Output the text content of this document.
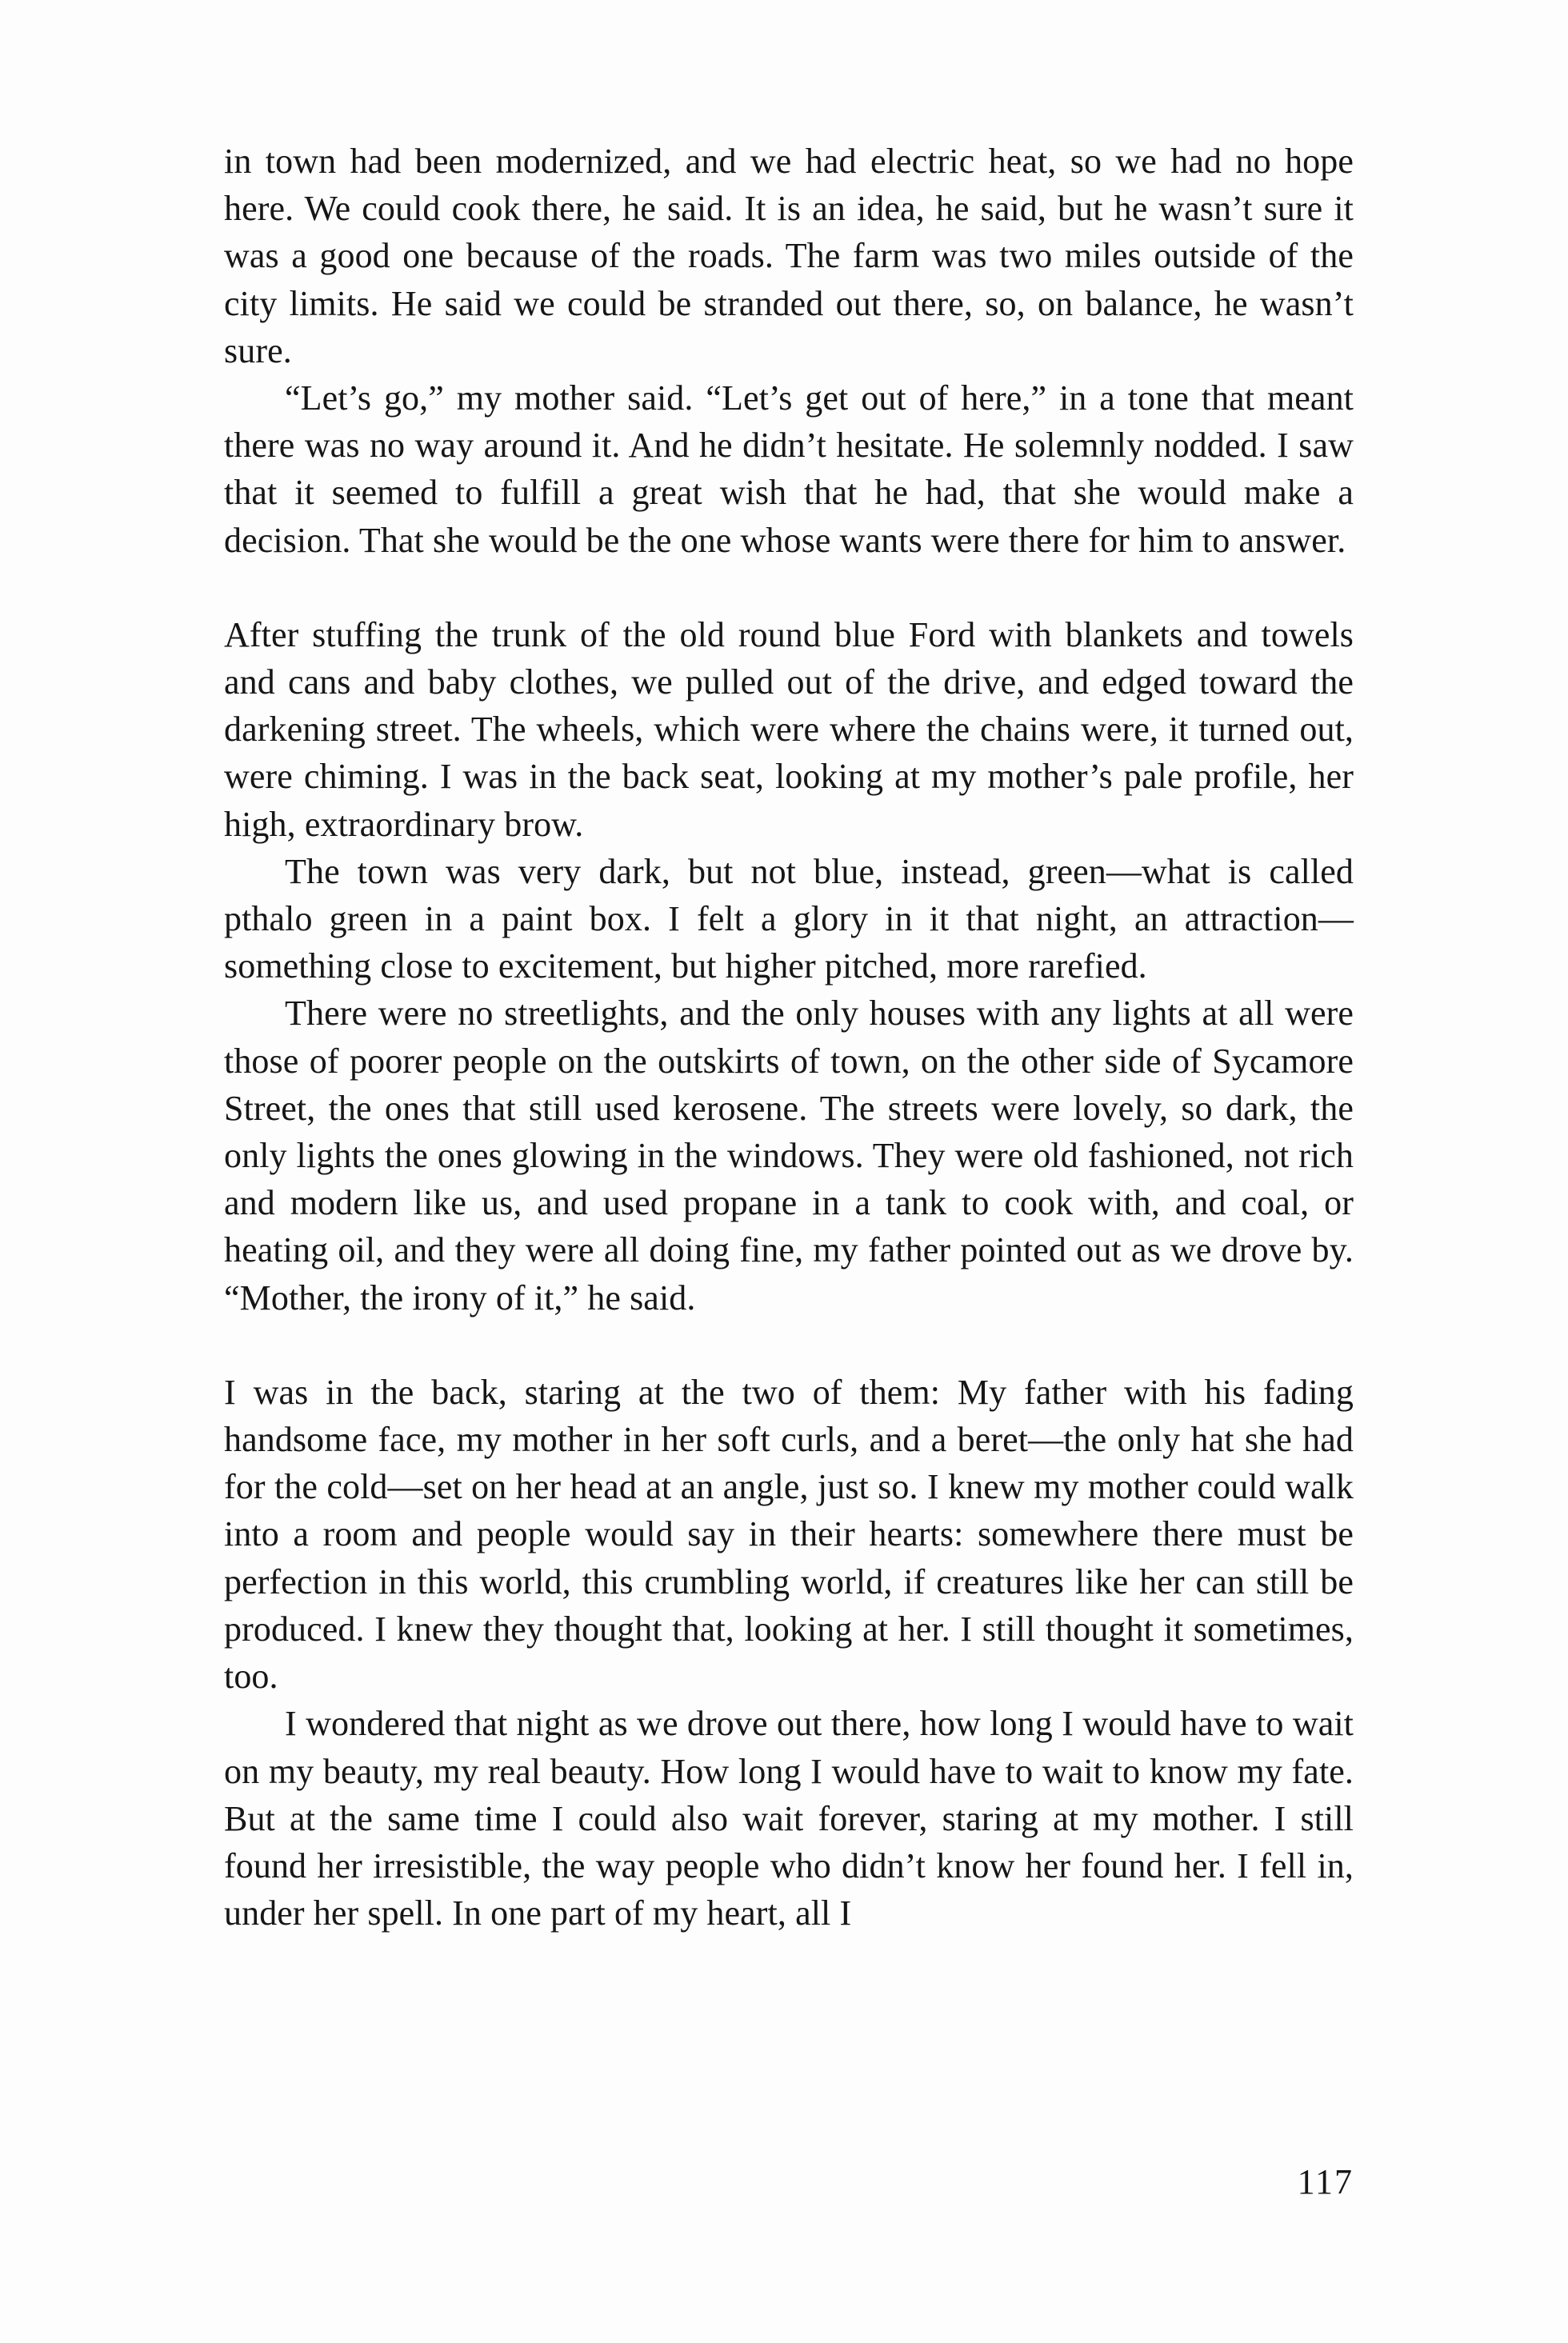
in town had been modernized, and we had electric heat, so we had no hope here. We could cook there, he said. It is an idea, he said, but he wasn’t sure it was a good one because of the roads. The farm was two miles outside of the city limits. He said we could be stranded out there, so, on balance, he wasn’t sure.

“Let’s go,” my mother said. “Let’s get out of here,” in a tone that meant there was no way around it. And he didn’t hesitate. He solemnly nodded. I saw that it seemed to fulfill a great wish that he had, that she would make a decision. That she would be the one whose wants were there for him to answer.

After stuffing the trunk of the old round blue Ford with blankets and towels and cans and baby clothes, we pulled out of the drive, and edged toward the darkening street. The wheels, which were where the chains were, it turned out, were chiming. I was in the back seat, looking at my mother’s pale profile, her high, extraordinary brow.

The town was very dark, but not blue, instead, green—what is called pthalo green in a paint box. I felt a glory in it that night, an attraction—something close to excitement, but higher pitched, more rarefied.

There were no streetlights, and the only houses with any lights at all were those of poorer people on the outskirts of town, on the other side of Sycamore Street, the ones that still used kerosene. The streets were lovely, so dark, the only lights the ones glowing in the windows. They were old fashioned, not rich and modern like us, and used propane in a tank to cook with, and coal, or heating oil, and they were all doing fine, my father pointed out as we drove by. “Mother, the irony of it,” he said.

I was in the back, staring at the two of them: My father with his fading handsome face, my mother in her soft curls, and a beret—the only hat she had for the cold—set on her head at an angle, just so. I knew my mother could walk into a room and people would say in their hearts: somewhere there must be perfection in this world, this crumbling world, if creatures like her can still be produced. I knew they thought that, looking at her. I still thought it sometimes, too.

I wondered that night as we drove out there, how long I would have to wait on my beauty, my real beauty. How long I would have to wait to know my fate. But at the same time I could also wait forever, staring at my mother. I still found her irresistible, the way people who didn’t know her found her. I fell in, under her spell. In one part of my heart, all I

117
